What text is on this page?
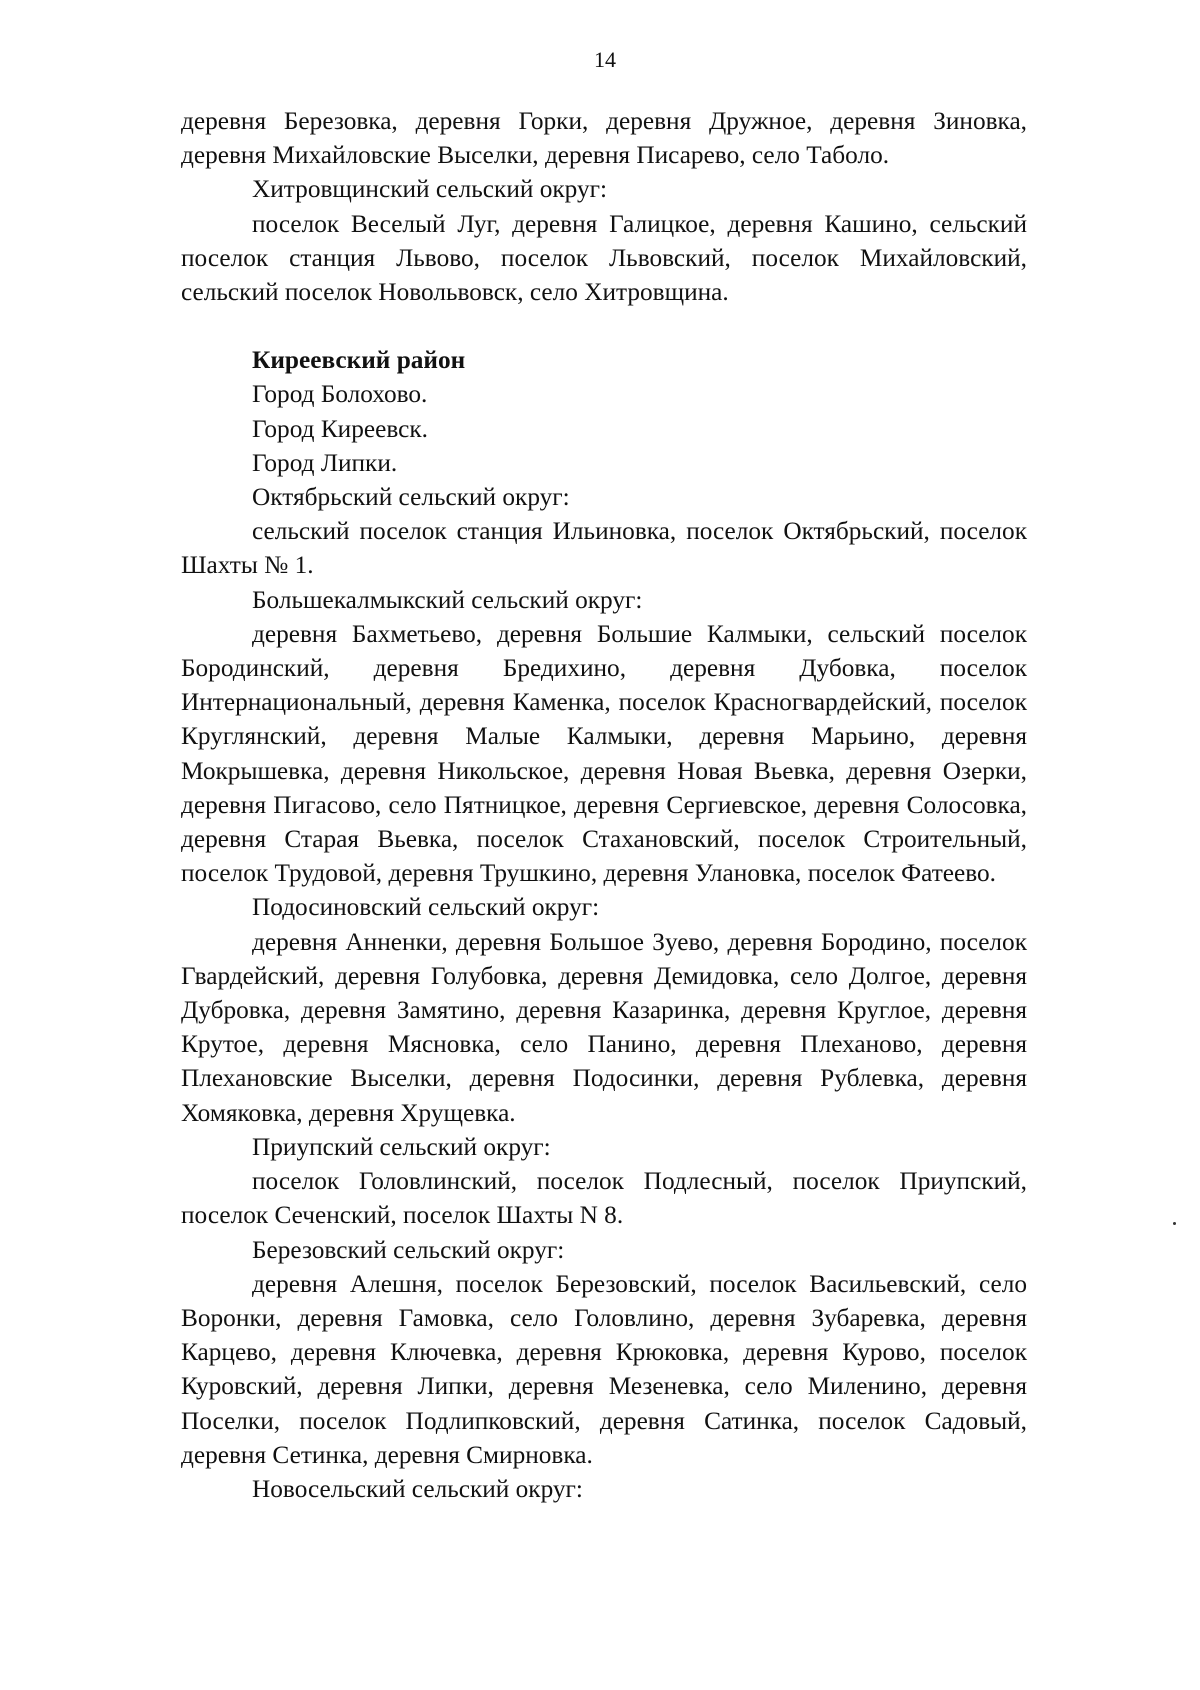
14

деревня Березовка, деревня Горки, деревня Дружное, деревня Зиновка, деревня Михайловские Выселки, деревня Писарево, село Таболо.

Хитровщинский сельский округ:

поселок Веселый Луг, деревня Галицкое, деревня Кашино, сельский поселок станция Львово, поселок Львовский, поселок Михайловский, сельский поселок Новольвовск, село Хитровщина.

Киреевский район

Город Болохово.

Город Киреевск.

Город Липки.

Октябрьский сельский округ:

сельский поселок станция Ильиновка, поселок Октябрьский, поселок Шахты № 1.

Большекалмыкский сельский округ:

деревня Бахметьево, деревня Большие Калмыки, сельский поселок Бородинский, деревня Бредихино, деревня Дубовка, поселок Интернациональный, деревня Каменка, поселок Красногвардейский, поселок Круглянский, деревня Малые Калмыки, деревня Марьино, деревня Мокрышевка, деревня Никольское, деревня Новая Вьевка, деревня Озерки, деревня Пигасово, село Пятницкое, деревня Сергиевское, деревня Солосовка, деревня Старая Вьевка, поселок Стахановский, поселок Строительный, поселок Трудовой, деревня Трушкино, деревня Улановка, поселок Фатеево.

Подосиновский сельский округ:

деревня Анненки, деревня Большое Зуево, деревня Бородино, поселок Гвардейский, деревня Голубовка, деревня Демидовка, село Долгое, деревня Дубровка, деревня Замятино, деревня Казаринка, деревня Круглое, деревня Крутое, деревня Мясновка, село Панино, деревня Плеханово, деревня Плехановские Выселки, деревня Подосинки, деревня Рублевка, деревня Хомяковка, деревня Хрущевка.

Приупский сельский округ:

поселок Головлинский, поселок Подлесный, поселок Приупский, поселок Сеченский, поселок Шахты N 8.

Березовский сельский округ:

деревня Алешня, поселок Березовский, поселок Васильевский, село Воронки, деревня Гамовка, село Головлино, деревня Зубаревка, деревня Карцево, деревня Ключевка, деревня Крюковка, деревня Курово, поселок Куровский, деревня Липки, деревня Мезеневка, село Миленино, деревня Поселки, поселок Подлипковский, деревня Сатинка, поселок Садовый, деревня Сетинка, деревня Смирновка.

Новосельский сельский округ:
